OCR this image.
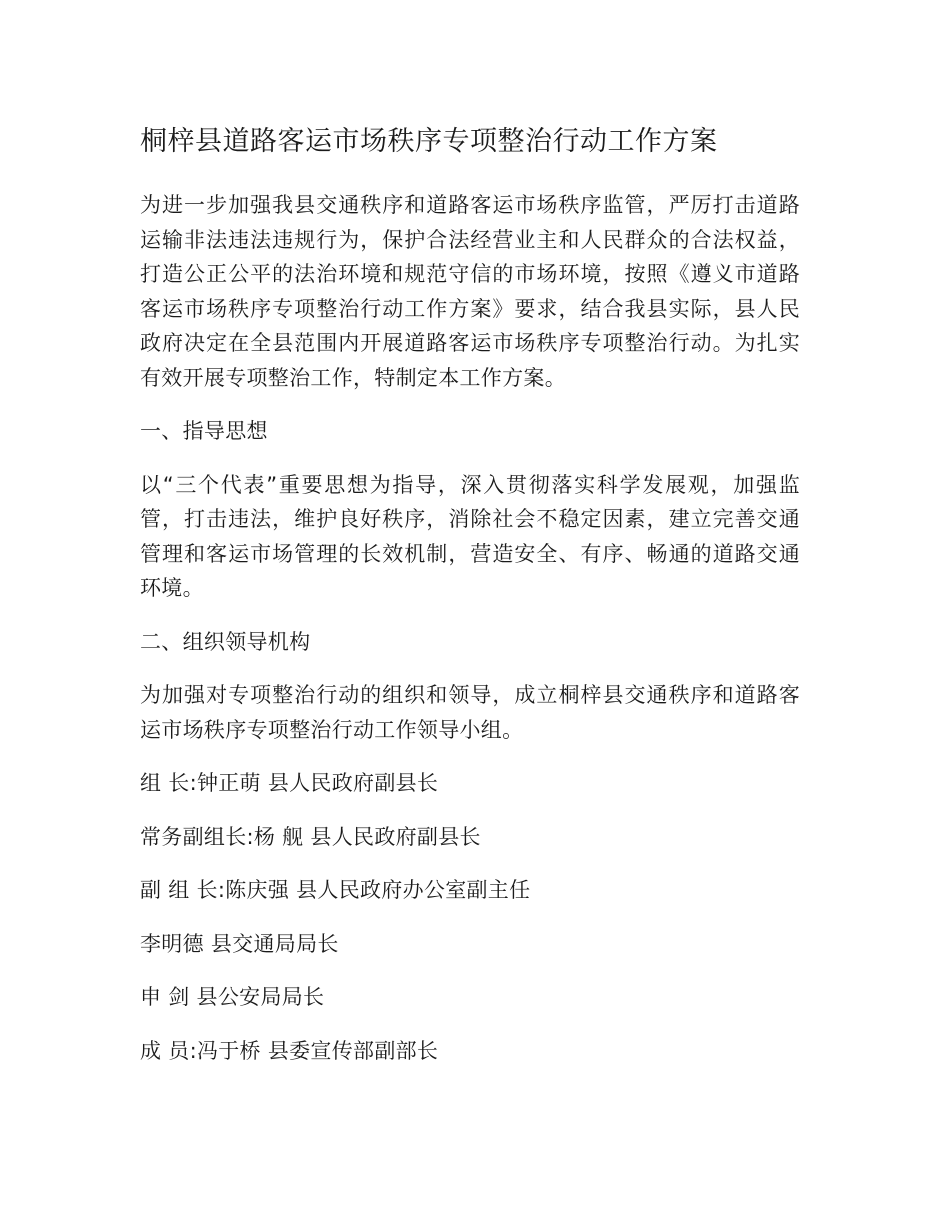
桐梓县道路客运市场秩序专项整治行动工作方案

为进一步加强我县交通秩序和道路客运市场秩序监管，严厉打击道路运输非法违法违规行为，保护合法经营业主和人民群众的合法权益，打造公正公平的法治环境和规范守信的市场环境，按照《遵义市道路客运市场秩序专项整治行动工作方案》要求，结合我县实际，县人民政府决定在全县范围内开展道路客运市场秩序专项整治行动。为扎实有效开展专项整治工作，特制定本工作方案。

一、指导思想

以“三个代表”重要思想为指导，深入贯彻落实科学发展观，加强监管，打击违法，维护良好秩序，消除社会不稳定因素，建立完善交通管理和客运市场管理的长效机制，营造安全、有序、畅通的道路交通环境。

二、组织领导机构

为加强对专项整治行动的组织和领导，成立桐梓县交通秩序和道路客运市场秩序专项整治行动工作领导小组。

组 长:钟正萌 县人民政府副县长

常务副组长:杨 舰 县人民政府副县长

副 组 长:陈庆强 县人民政府办公室副主任

李明德 县交通局局长

申 剑 县公安局局长

成 员:冯于桥 县委宣传部副部长
